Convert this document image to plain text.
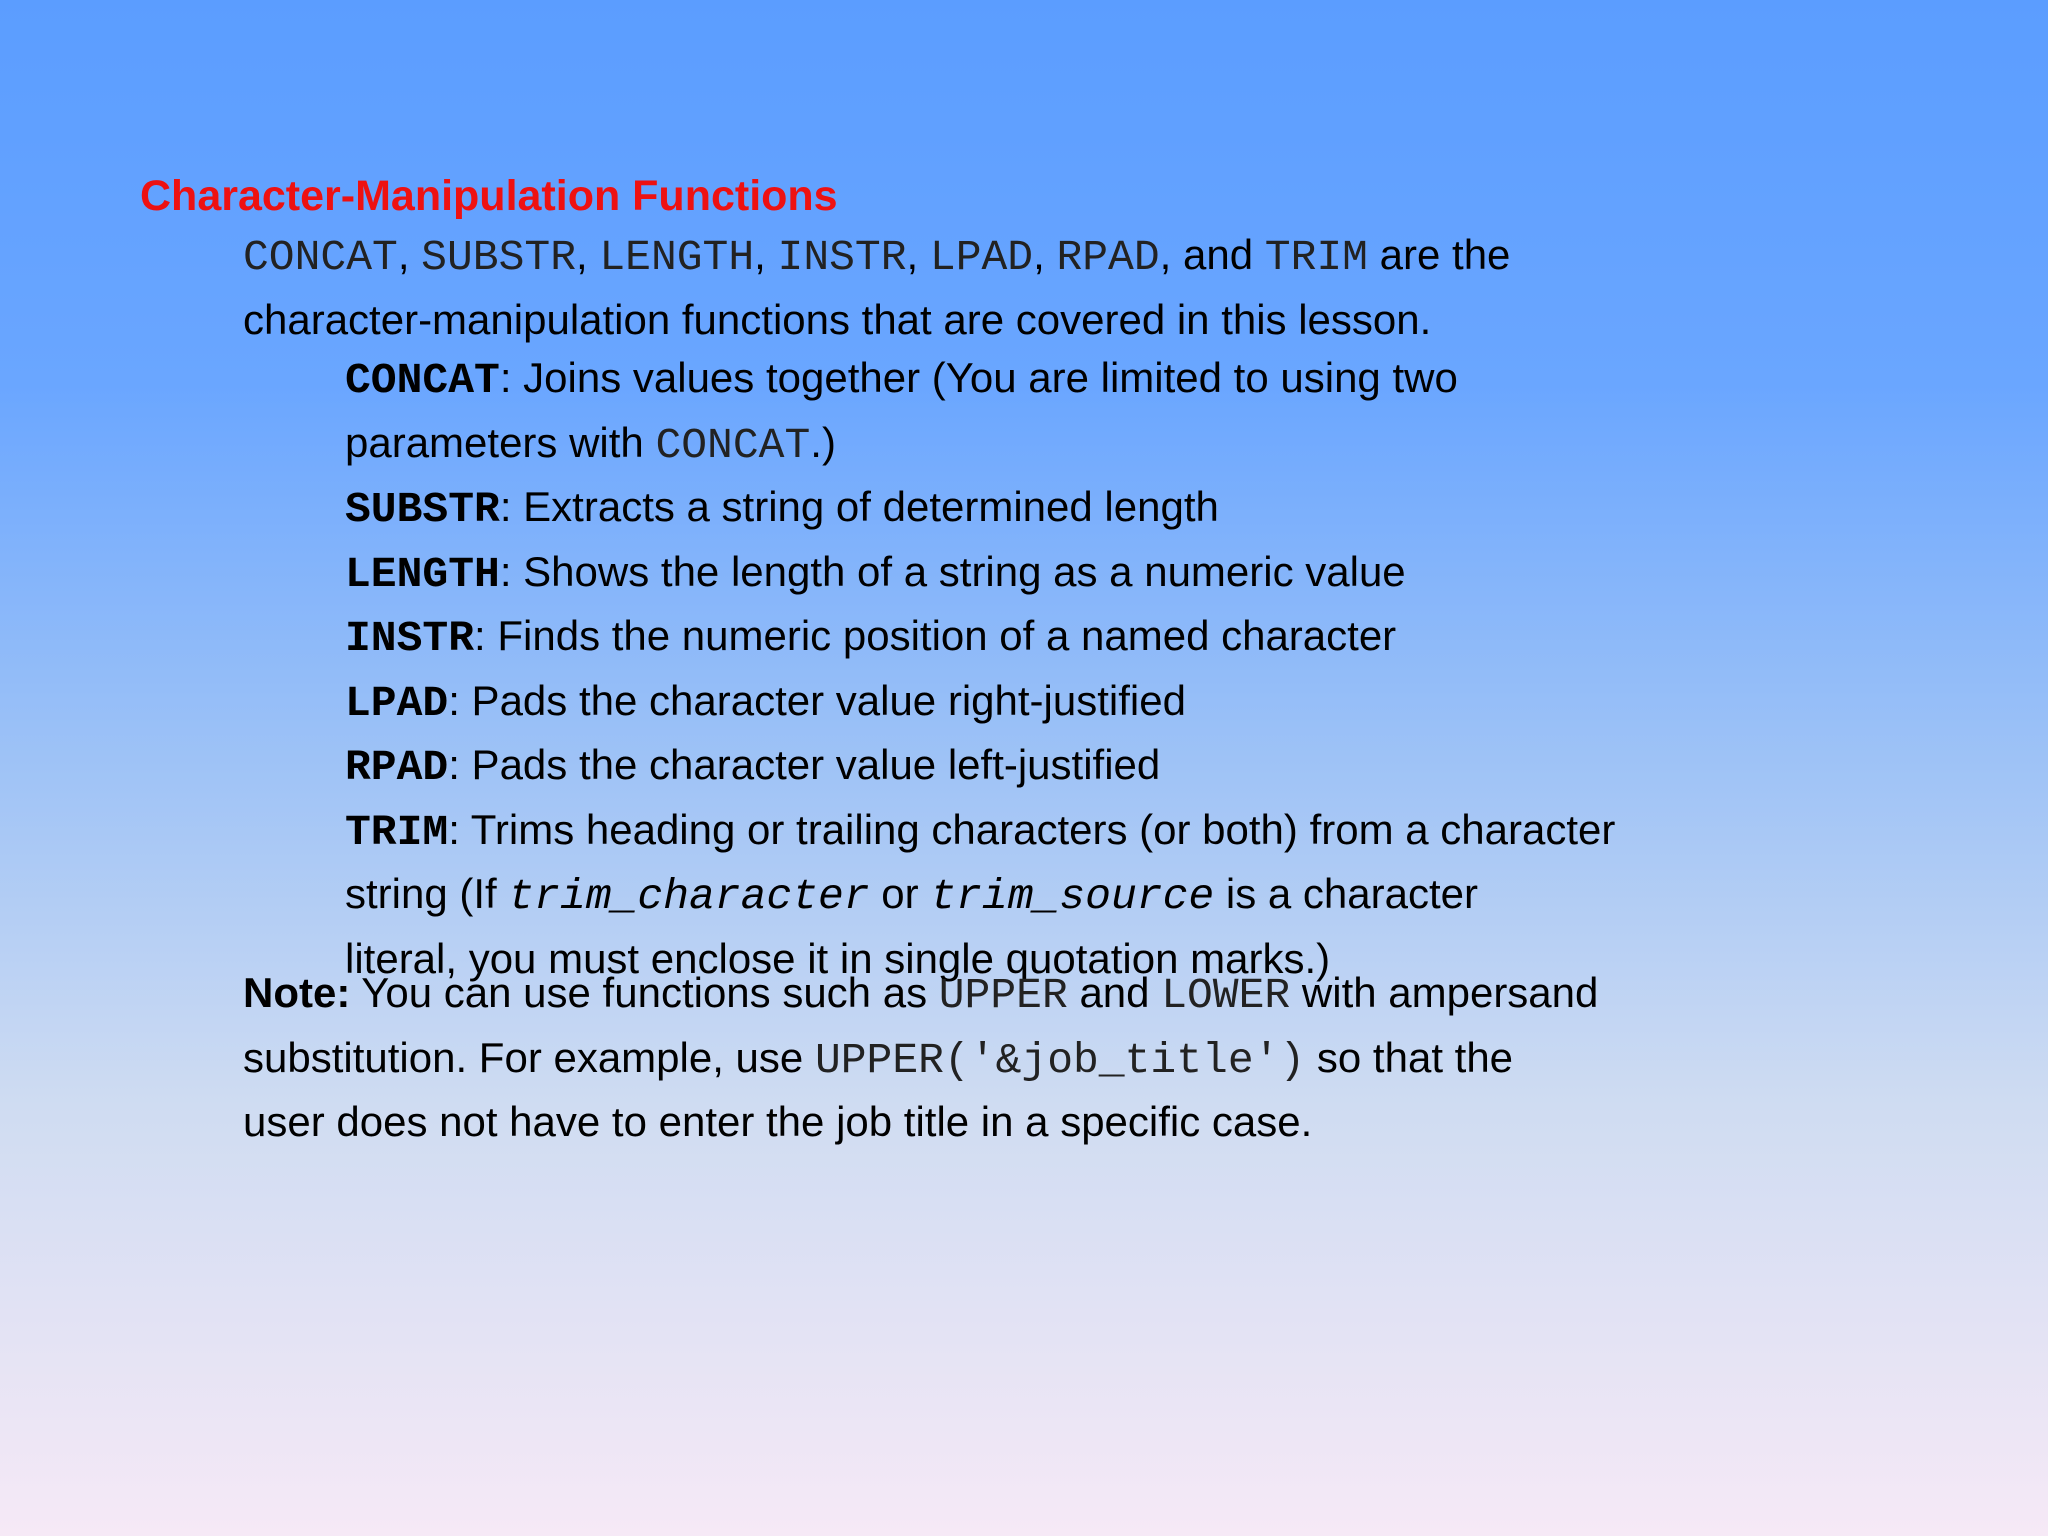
Character-Manipulation Functions
CONCAT, SUBSTR, LENGTH, INSTR, LPAD, RPAD, and TRIM are the
character-manipulation functions that are covered in this lesson.
CONCAT: Joins values together (You are limited to using two
parameters with CONCAT.)
SUBSTR: Extracts a string of determined length
LENGTH: Shows the length of a string as a numeric value
INSTR: Finds the numeric position of a named character
LPAD: Pads the character value right-justified
RPAD: Pads the character value left-justified
TRIM: Trims heading or trailing characters (or both) from a character
string (If trim_character or trim_source is a character
literal, you must enclose it in single quotation marks.)
Note: You can use functions such as UPPER and LOWER with ampersand
substitution. For example, use UPPER('&job_title') so that the
user does not have to enter the job title in a specific case.
